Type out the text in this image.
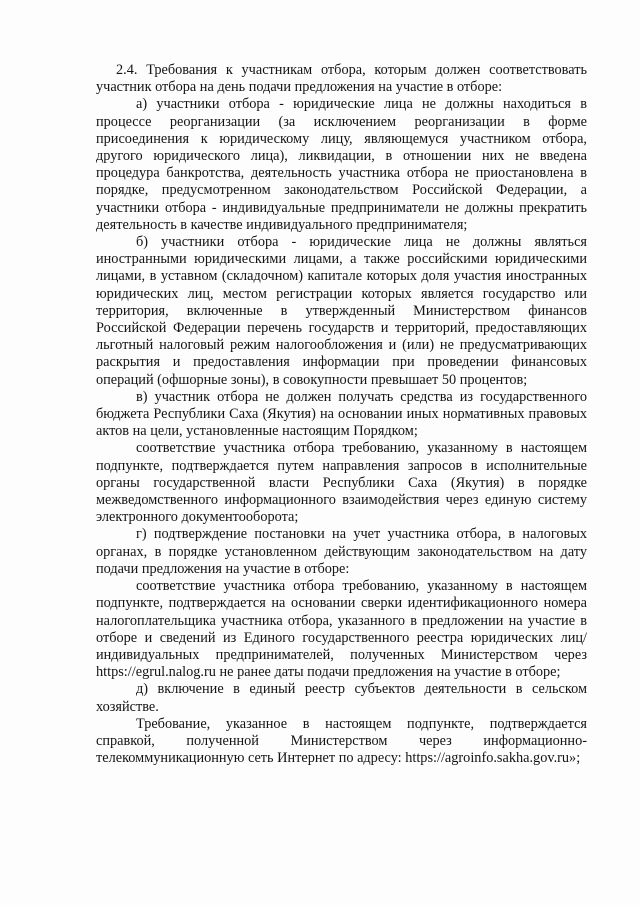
2.4. Требования к участникам отбора, которым должен соответствовать участник отбора на день подачи предложения на участие в отборе:

а) участники отбора - юридические лица не должны находиться в процессе реорганизации (за исключением реорганизации в форме присоединения к юридическому лицу, являющемуся участником отбора, другого юридического лица), ликвидации, в отношении них не введена процедура банкротства, деятельность участника отбора не приостановлена в порядке, предусмотренном законодательством Российской Федерации, а участники отбора - индивидуальные предприниматели не должны прекратить деятельность в качестве индивидуального предпринимателя;

б) участники отбора - юридические лица не должны являться иностранными юридическими лицами, а также российскими юридическими лицами, в уставном (складочном) капитале которых доля участия иностранных юридических лиц, местом регистрации которых является государство или территория, включенные в утвержденный Министерством финансов Российской Федерации перечень государств и территорий, предоставляющих льготный налоговый режим налогообложения и (или) не предусматривающих раскрытия и предоставления информации при проведении финансовых операций (офшорные зоны), в совокупности превышает 50 процентов;

в) участник отбора не должен получать средства из государственного бюджета Республики Саха (Якутия) на основании иных нормативных правовых актов на цели, установленные настоящим Порядком;

соответствие участника отбора требованию, указанному в настоящем подпункте, подтверждается путем направления запросов в исполнительные органы государственной власти Республики Саха (Якутия) в порядке межведомственного информационного взаимодействия через единую систему электронного документооборота;

г) подтверждение постановки на учет участника отбора, в налоговых органах, в порядке установленном действующим законодательством на дату подачи предложения на участие в отборе:

соответствие участника отбора требованию, указанному в настоящем подпункте, подтверждается на основании сверки идентификационного номера налогоплательщика участника отбора, указанного в предложении на участие в отборе и сведений из Единого государственного реестра юридических лиц/индивидуальных предпринимателей, полученных Министерством через https://egrul.nalog.ru не ранее даты подачи предложения на участие в отборе;

д) включение в единый реестр субъектов деятельности в сельском хозяйстве.

Требование, указанное в настоящем подпункте, подтверждается справкой, полученной Министерством через информационно-телекоммуникационную сеть Интернет по адресу: https://agroinfo.sakha.gov.ru»;
